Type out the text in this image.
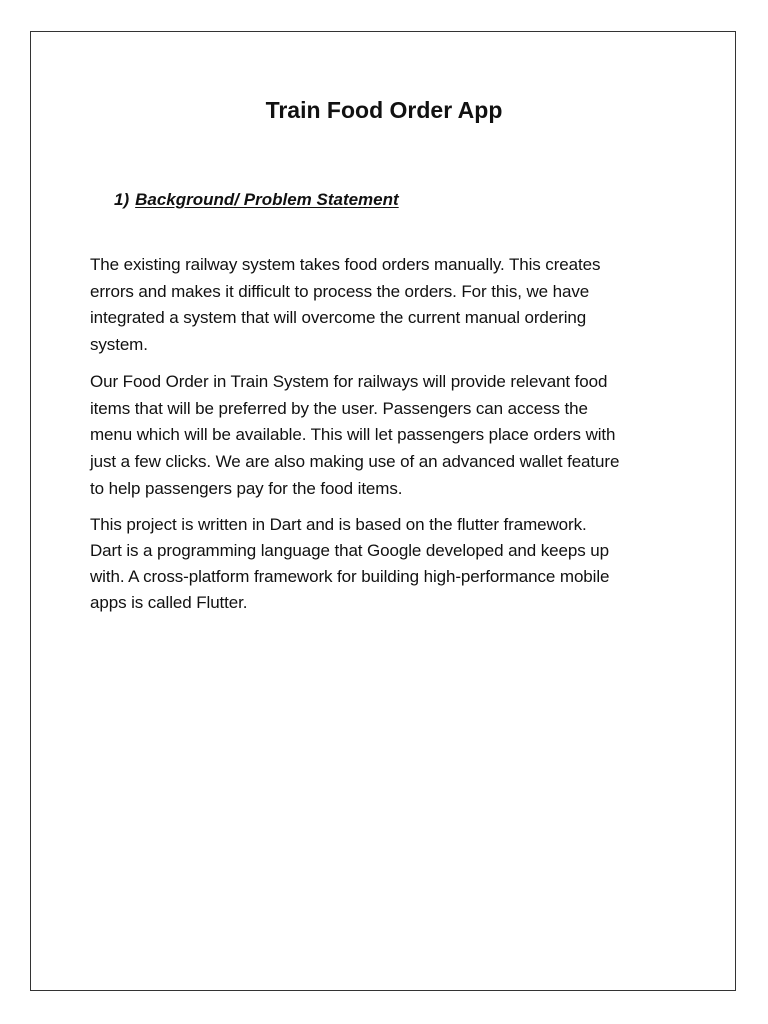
Train Food Order App
1) Background/ Problem Statement

The existing railway system takes food orders manually. This creates
errors and makes it difficult to process the orders. For this, we have
integrated a system that will overcome the current manual ordering
system.

Our Food Order in Train System for railways will provide relevant food
items that will be preferred by the user. Passengers can access the
menu which will be available. This will let passengers place orders with
just a few clicks. We are also making use of an advanced wallet feature
to help passengers pay for the food items.

This project is written in Dart and is based on the flutter framework.
Dart is a programming language that Google developed and keeps up
with. A cross-platform framework for building high-performance mobile
apps is called Flutter.
